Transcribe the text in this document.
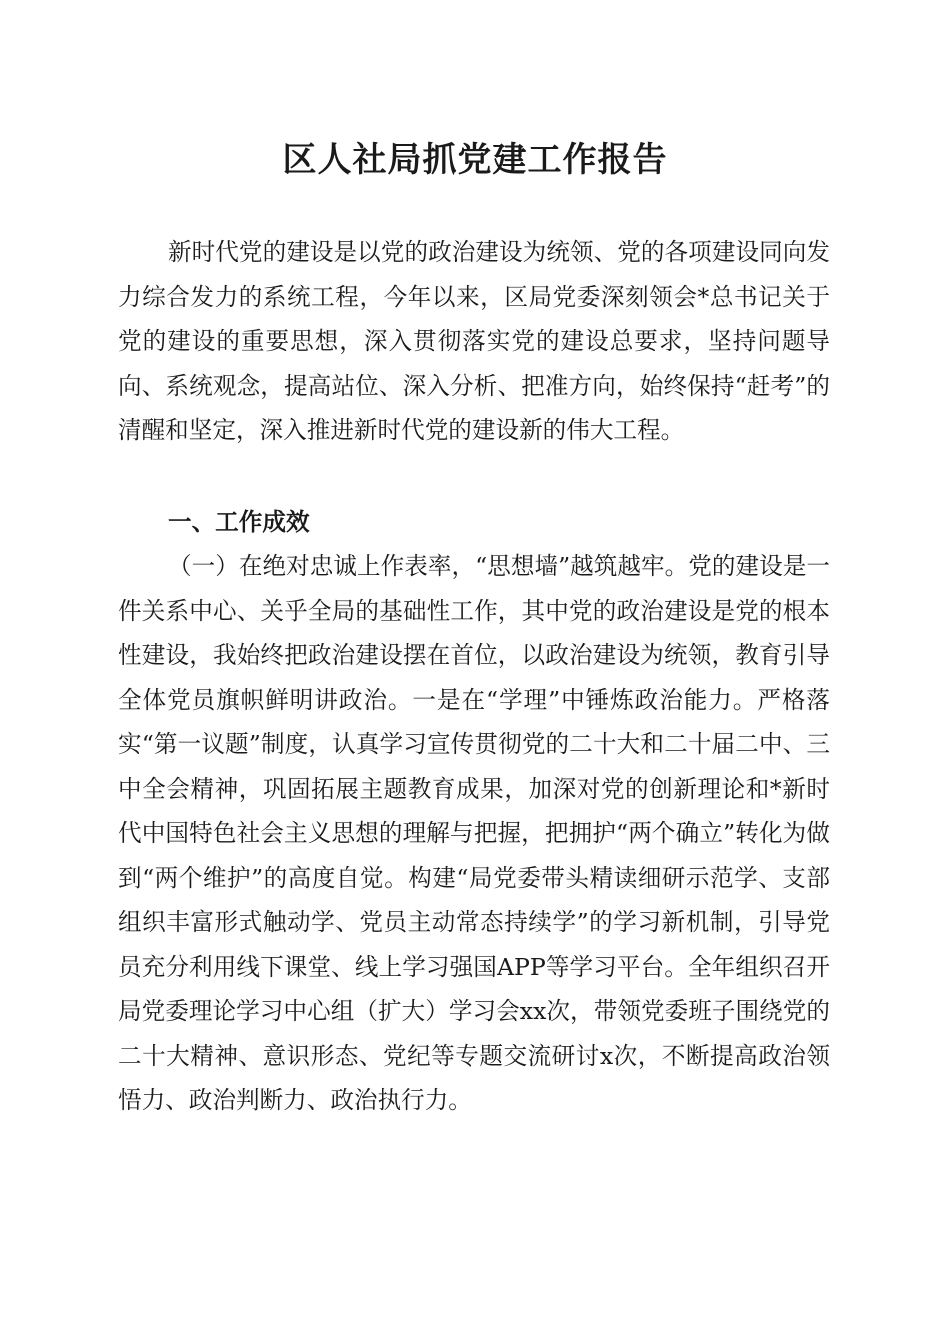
区人社局抓党建工作报告

新时代党的建设是以党的政治建设为统领、党的各项建设同向发力综合发力的系统工程，今年以来，区局党委深刻领会*总书记关于党的建设的重要思想，深入贯彻落实党的建设总要求，坚持问题导向、系统观念，提高站位、深入分析、把准方向，始终保持“赶考”的清醒和坚定，深入推进新时代党的建设新的伟大工程。

一、工作成效

（一）在绝对忠诚上作表率，“思想墙”越筑越牢。党的建设是一件关系中心、关乎全局的基础性工作，其中党的政治建设是党的根本性建设，我始终把政治建设摆在首位，以政治建设为统领，教育引导全体党员旗帜鲜明讲政治。一是在“学理”中锤炼政治能力。严格落实“第一议题”制度，认真学习宣传贯彻党的二十大和二十届二中、三中全会精神，巩固拓展主题教育成果，加深对党的创新理论和*新时代中国特色社会主义思想的理解与把握，把拥护“两个确立”转化为做到“两个维护”的高度自觉。构建“局党委带头精读细研示范学、支部组织丰富形式触动学、党员主动常态持续学”的学习新机制，引导党员充分利用线下课堂、线上学习强国APP等学习平台。全年组织召开局党委理论学习中心组（扩大）学习会xx次，带领党委班子围绕党的二十大精神、意识形态、党纪等专题交流研讨x次，不断提高政治领悟力、政治判断力、政治执行力。
